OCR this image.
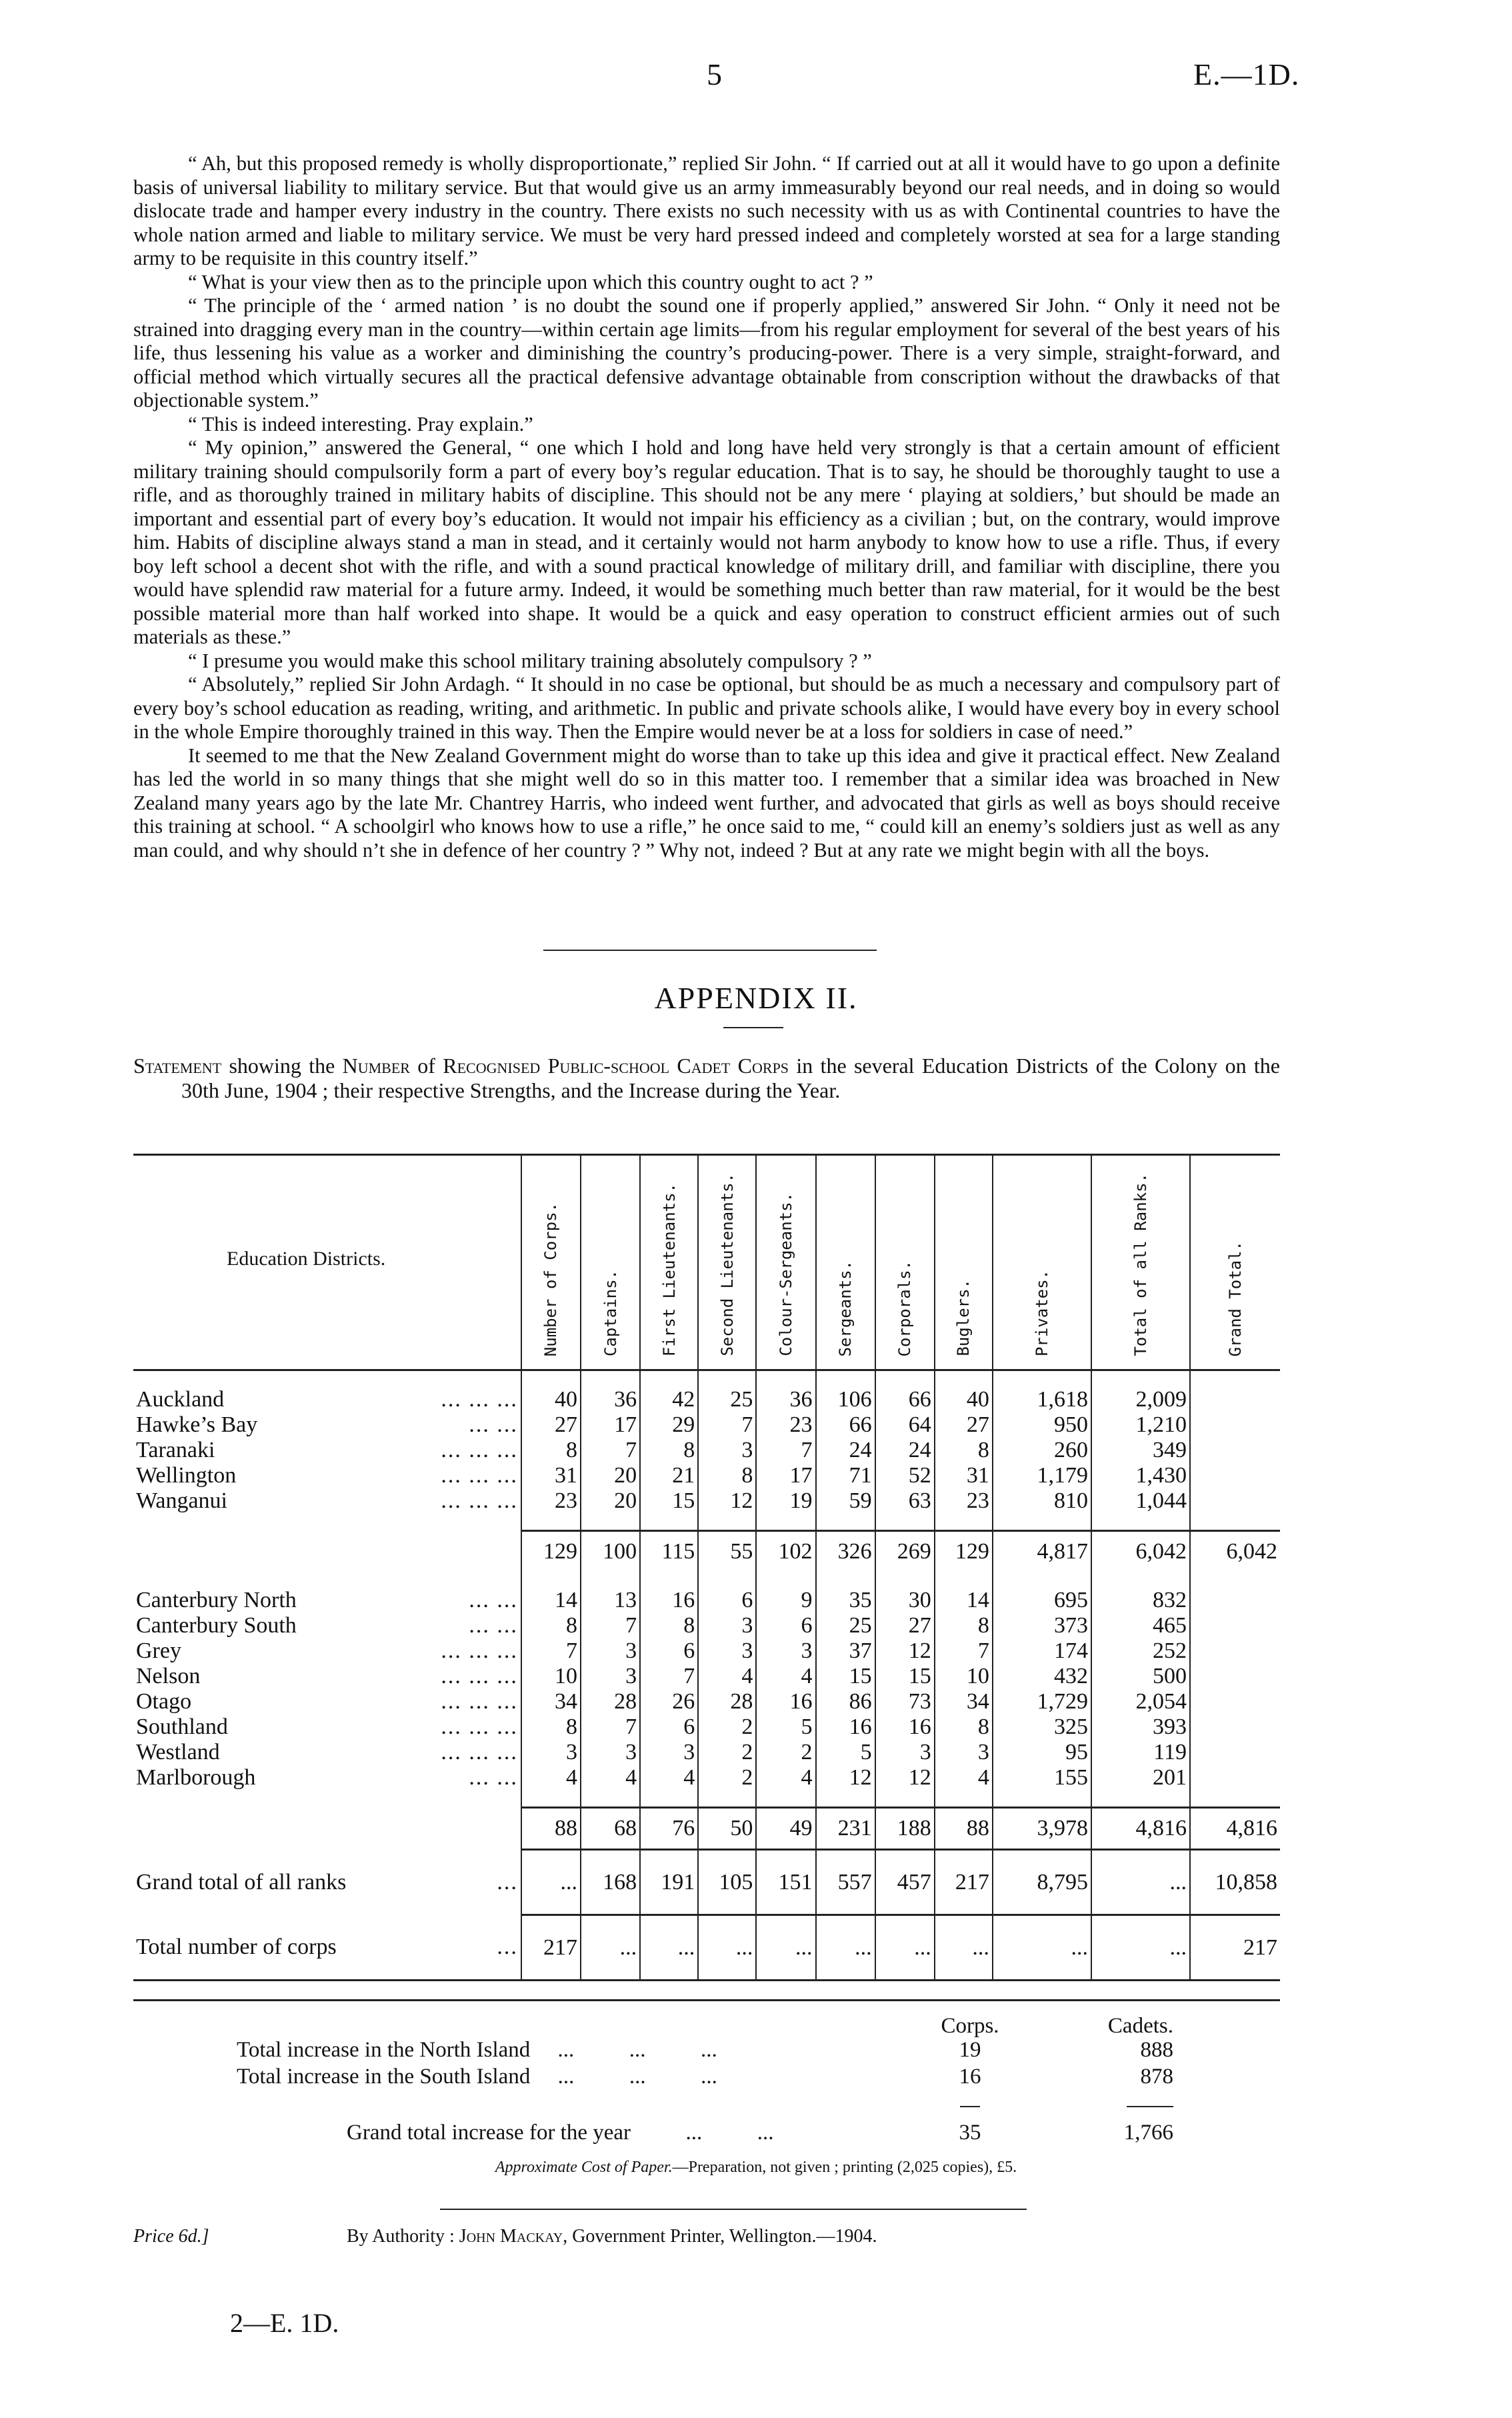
5	E.—1D.

“ Ah, but this proposed remedy is wholly disproportionate,” replied Sir John. “ If carried out at all it would have to go upon a definite basis of universal liability to military service. But that would give us an army immeasurably beyond our real needs, and in doing so would dislocate trade and hamper every industry in the country. There exists no such necessity with us as with Continental countries to have the whole nation armed and liable to military service. We must be very hard pressed indeed and completely worsted at sea for a large standing army to be requisite in this country itself.”

“ What is your view then as to the principle upon which this country ought to act ? ”

“ The principle of the ‘ armed nation ’ is no doubt the sound one if properly applied,” answered Sir John. “ Only it need not be strained into dragging every man in the country—within certain age limits—from his regular employment for several of the best years of his life, thus lessening his value as a worker and diminishing the country’s producing-power. There is a very simple, straight-forward, and official method which virtually secures all the practical defensive advantage obtainable from conscription without the drawbacks of that objectionable system.”

“ This is indeed interesting. Pray explain.”

“ My opinion,” answered the General, “ one which I hold and long have held very strongly is that a certain amount of efficient military training should compulsorily form a part of every boy’s regular education. That is to say, he should be thoroughly taught to use a rifle, and as thoroughly trained in military habits of discipline. This should not be any mere ‘ playing at soldiers,’ but should be made an important and essential part of every boy’s education. It would not impair his efficiency as a civilian ; but, on the contrary, would improve him. Habits of discipline always stand a man in stead, and it certainly would not harm anybody to know how to use a rifle. Thus, if every boy left school a decent shot with the rifle, and with a sound practical knowledge of military drill, and familiar with discipline, there you would have splendid raw material for a future army. Indeed, it would be something much better than raw material, for it would be the best possible material more than half worked into shape. It would be a quick and easy operation to construct efficient armies out of such materials as these.”

“ I presume you would make this school military training absolutely compulsory ? ”

“ Absolutely,” replied Sir John Ardagh. “ It should in no case be optional, but should be as much a necessary and compulsory part of every boy’s school education as reading, writing, and arithmetic. In public and private schools alike, I would have every boy in every school in the whole Empire thoroughly trained in this way. Then the Empire would never be at a loss for soldiers in case of need.”

It seemed to me that the New Zealand Government might do worse than to take up this idea and give it practical effect. New Zealand has led the world in so many things that she might well do so in this matter too. I remember that a similar idea was broached in New Zealand many years ago by the late Mr. Chantrey Harris, who indeed went further, and advocated that girls as well as boys should receive this training at school. “ A schoolgirl who knows how to use a rifle,” he once said to me, “ could kill an enemy’s soldiers just as well as any man could, and why should n’t she in defence of her country ? ” Why not, indeed ? But at any rate we might begin with all the boys.

APPENDIX II.
Statement showing the Number of Recognised Public-school Cadet Corps in the several Education Districts of the Colony on the 30th June, 1904 ; their respective Strengths, and the Increase during the Year.
Education Districts.	Number of Corps.	Captains.	First Lieutenants.	Second Lieutenants.	Colour-Sergeants.	Sergeants.	Corporals.	Buglers.	Privates.	Total of all Ranks.	Grand Total.

Auckland ... ... ...	40	36	42	25	36	106	66	40	1,618	2,009	
Hawke’s Bay ... ...	27	17	29	7	23	66	64	27	950	1,210	
Taranaki ... ... ...	8	7	8	3	7	24	24	8	260	349	
Wellington ... ... ...	31	20	21	8	17	71	52	31	1,179	1,430	
Wanganui ... ... ...	23	20	15	12	19	59	63	23	810	1,044	

	129	100	115	55	102	326	269	129	4,817	6,042	6,042

Canterbury North ... ...	14	13	16	6	9	35	30	14	695	832	
Canterbury South ... ...	8	7	8	3	6	25	27	8	373	465	
Grey ... ... ...	7	3	6	3	3	37	12	7	174	252	
Nelson ... ... ...	10	3	7	4	4	15	15	10	432	500	
Otago ... ... ...	34	28	26	28	16	86	73	34	1,729	2,054	
Southland ... ... ...	8	7	6	2	5	16	16	8	325	393	
Westland ... ... ...	3	3	3	2	2	5	3	3	95	119	
Marlborough ... ...	4	4	4	2	4	12	12	4	155	201	

	88	68	76	50	49	231	188	88	3,978	4,816	4,816
Grand total of all ranks ...	...	168	191	105	151	557	457	217	8,795	...	10,858
Total number of corps ...	217	...	...	...	...	...	...	...	...	...	217
Corps.	Cadets.
Total increase in the North Island     ...          ...          ...	19	888
Total increase in the South Island     ...          ...          ...	16	878
Grand total increase for the year          ...          ...	35	1,766
Approximate Cost of Paper.—Preparation, not given ; printing (2,025 copies), £5.
Price 6d.]	By Authority : John Mackay, Government Printer, Wellington.—1904.
2—E. 1D.
